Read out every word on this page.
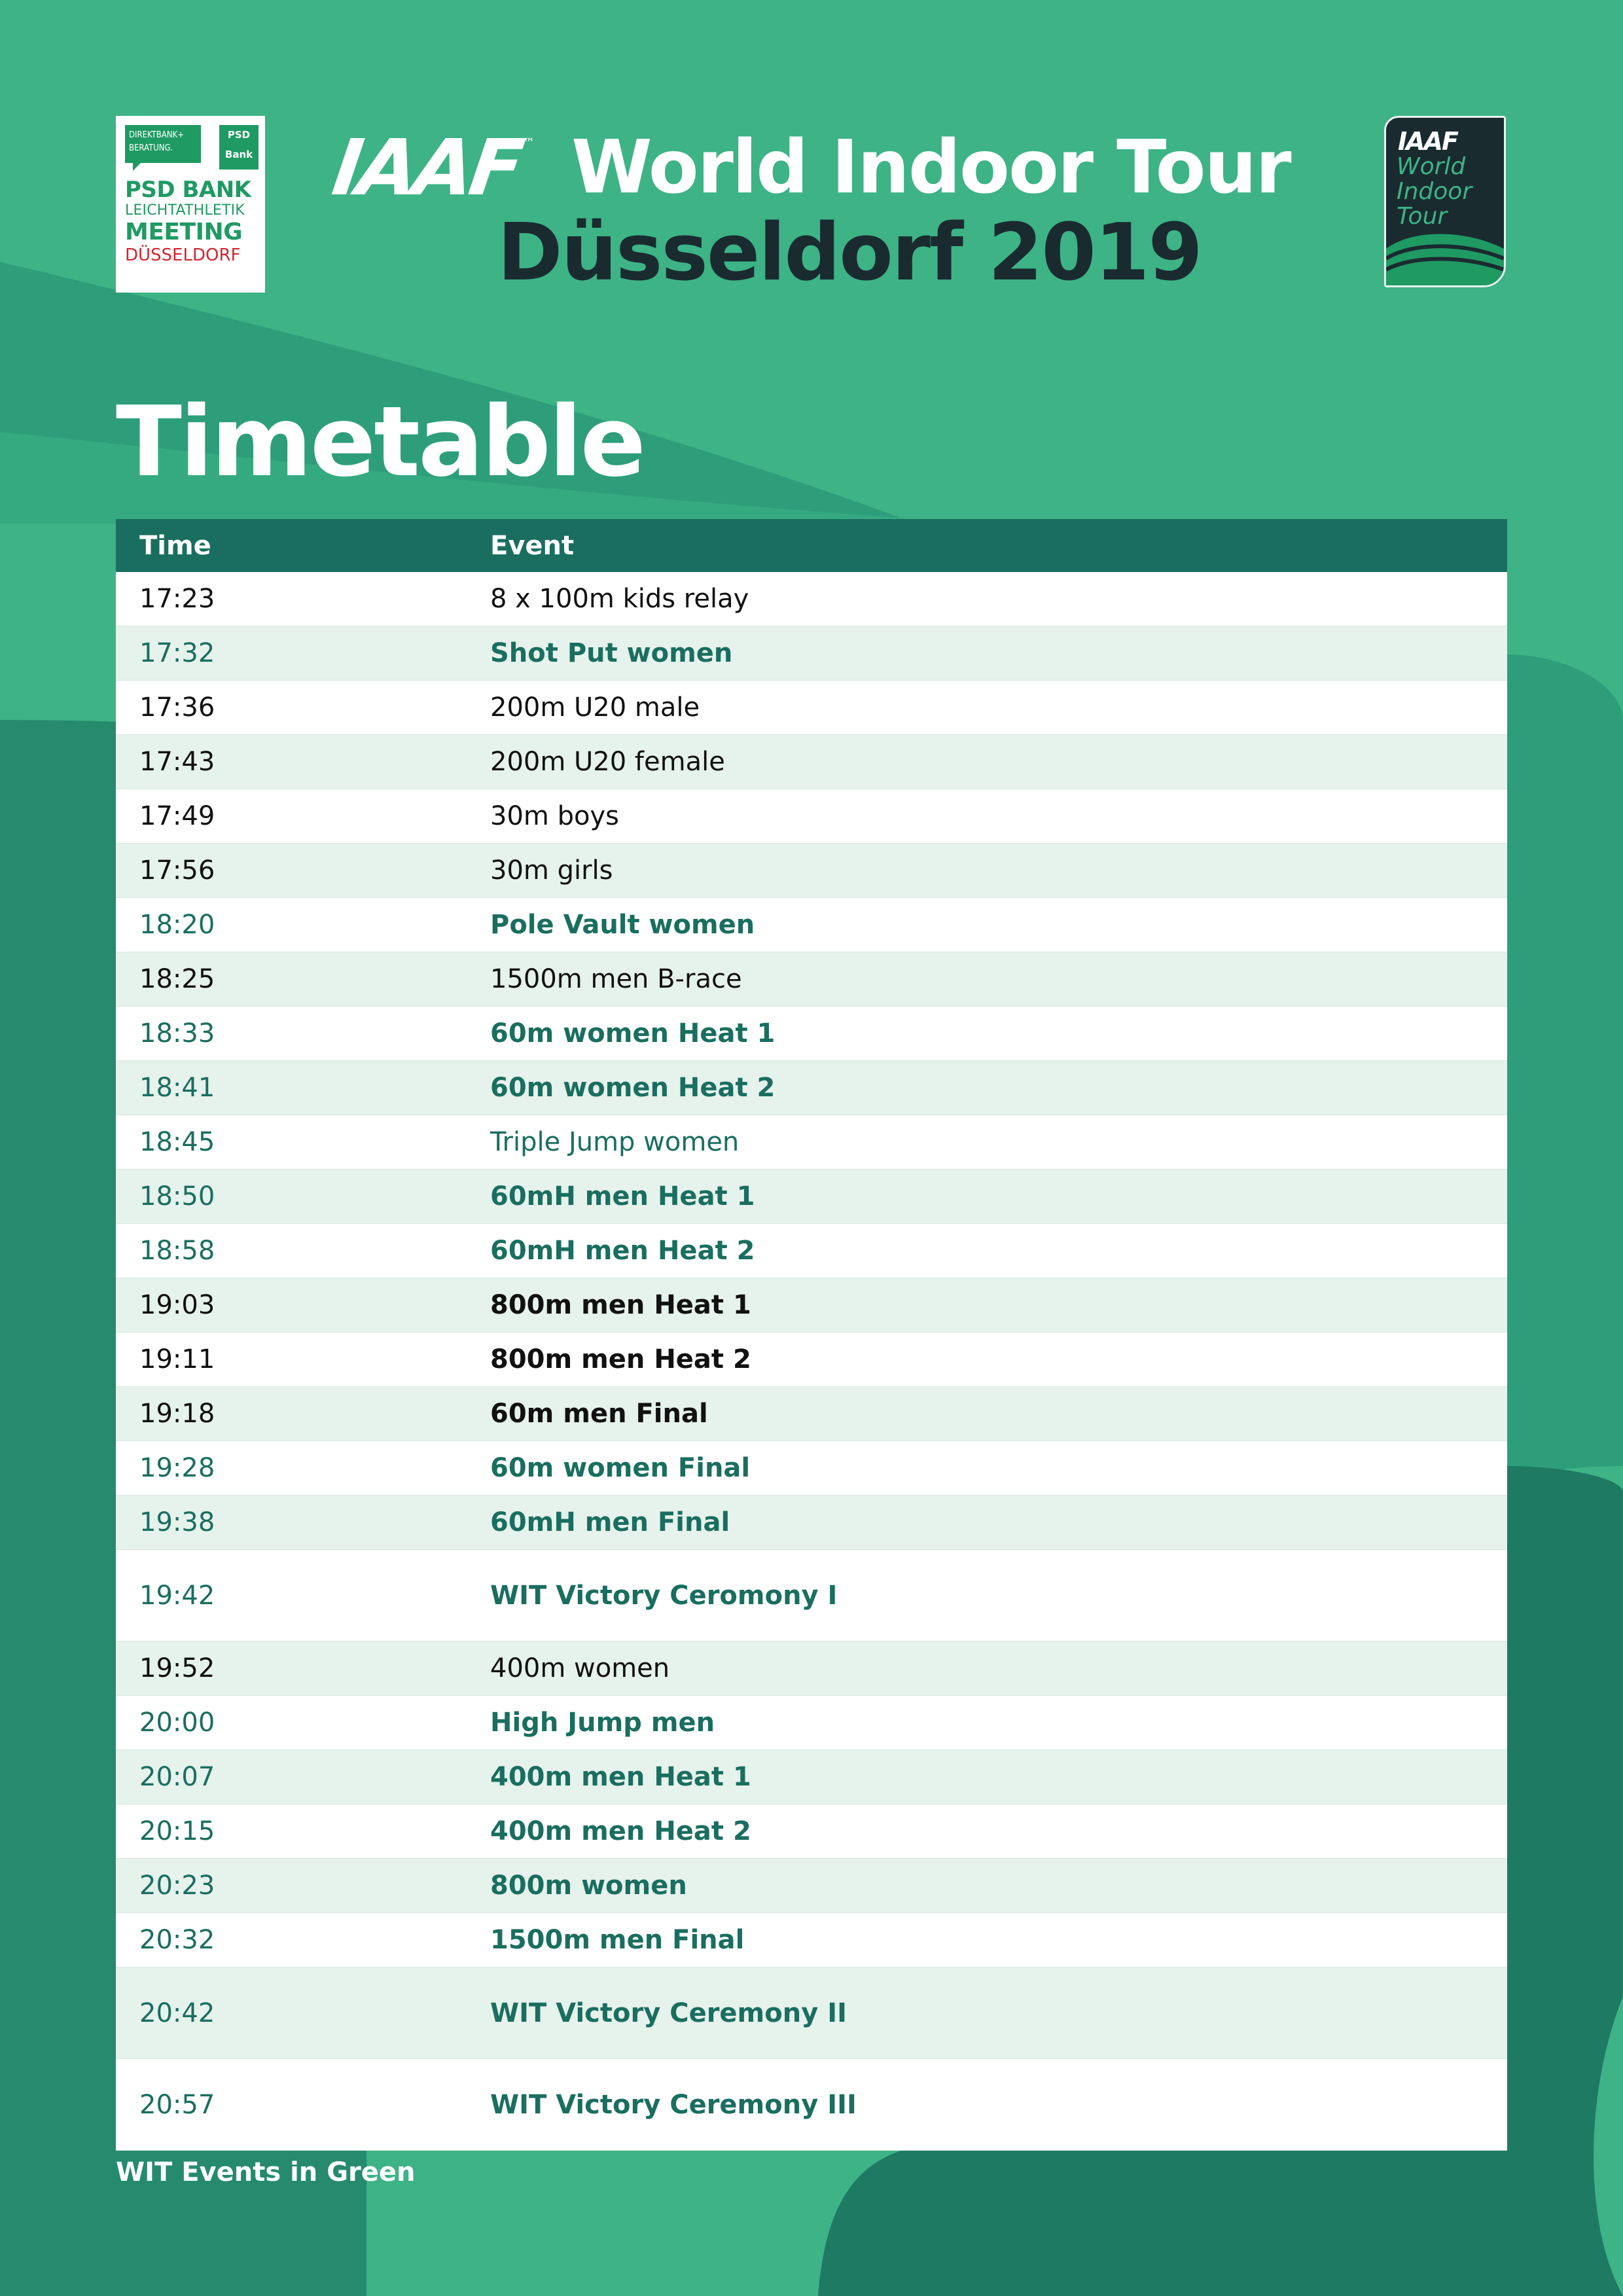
DIREKTBANK+
BERATUNG.
PSD
Bank
PSD BANK
LEICHTATHLETIK
MEETING
DÜSSELDORF
IAAF
™ World Indoor Tour
Düsseldorf 2019
IAAF
World
Indoor
Tour
Timetable
Time	Event
17:23	8 x 100m kids relay
17:32	Shot Put women
17:36	200m U20 male
17:43	200m U20 female
17:49	30m boys
17:56	30m girls
18:20	Pole Vault women
18:25	1500m men B-race
18:33	60m women Heat 1
18:41	60m women Heat 2
18:45	Triple Jump women
18:50	60mH men Heat 1
18:58	60mH men Heat 2
19:03	800m men Heat 1
19:11	800m men Heat 2
19:18	60m men Final
19:28	60m women Final
19:38	60mH men Final
19:42	WIT Victory Ceromony I
19:52	400m women
20:00	High Jump men
20:07	400m men Heat 1
20:15	400m men Heat 2
20:23	800m women
20:32	1500m men Final
20:42	WIT Victory Ceremony II
20:57	WIT Victory Ceremony III
WIT Events in Green
